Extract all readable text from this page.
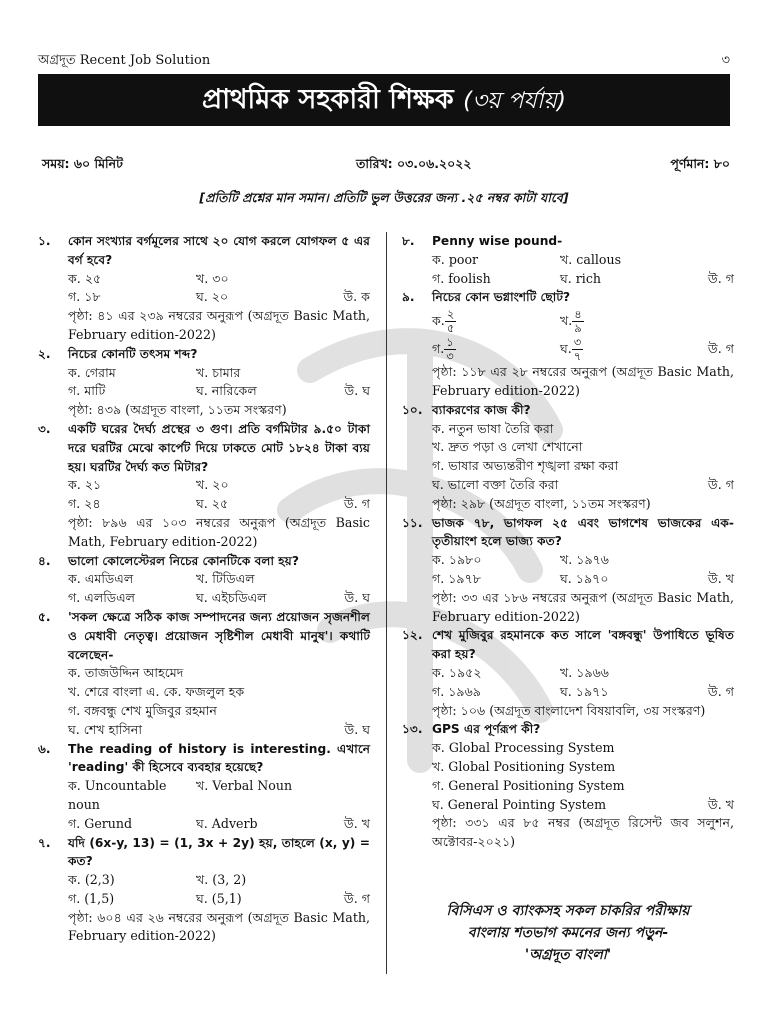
অগ্রদূত Recent Job Solution	৩
প্রাথমিক সহকারী শিক্ষক (৩য় পর্যায়)
সময়: ৬০ মিনিট	তারিখ: ০৩.০৬.২০২২	পূর্ণমান: ৮০
[প্রতিটি প্রশ্নের মান সমান। প্রতিটি ভুল উত্তরের জন্য .২৫ নম্বর কাটা যাবে]
১.	কোন সংখ্যার বর্গমূলের সাথে ২০ যোগ করলে যোগফল ৫ এর বর্গ হবে?
ক. ২৫	খ. ৩০
গ. ১৮	ঘ. ২০	উ. ক
পৃষ্ঠা: ৪১ এর ২৩৯ নম্বরের অনুরূপ (অগ্রদূত Basic Math, February edition-2022)
২.	নিচের কোনটি তৎসম শব্দ?
ক. গেরাম	খ. চামার
গ. মাটি	ঘ. নারিকেল	উ. ঘ
পৃষ্ঠা: ৪৩৯ (অগ্রদূত বাংলা, ১১তম সংস্করণ)
৩.	একটি ঘরের দৈর্ঘ্য প্রস্থের ৩ গুণ। প্রতি বর্গমিটার ৯.৫০ টাকা দরে ঘরটির মেঝে কার্পেট দিয়ে ঢাকতে মোট ১৮২৪ টাকা ব্যয় হয়। ঘরটির দৈর্ঘ্য কত মিটার?
ক. ২১	খ. ২০
গ. ২৪	ঘ. ২৫	উ. গ
পৃষ্ঠা: ৮৯৬ এর ১০৩ নম্বরের অনুরূপ (অগ্রদূত Basic Math, February edition-2022)
৪.	ভালো কোলেস্টেরল নিচের কোনটিকে বলা হয়?
ক. এমডিএল	খ. টিডিএল
গ. এলডিএল	ঘ. এইচডিএল	উ. ঘ
৫.	'সকল ক্ষেত্রে সঠিক কাজ সম্পাদনের জন্য প্রয়োজন সৃজনশীল ও মেধাবী নেতৃত্ব। প্রয়োজন সৃষ্টিশীল মেধাবী মানুষ'। কথাটি বলেছেন-
ক. তাজউদ্দিন আহমেদ
খ. শেরে বাংলা এ. কে. ফজলুল হক
গ. বঙ্গবন্ধু শেখ মুজিবুর রহমান
ঘ. শেখ হাসিনা	উ. ঘ
৬.	The reading of history is interesting. এখানে 'reading' কী হিসেবে ব্যবহার হয়েছে?
ক. Uncountable noun
খ. Verbal Noun
গ. Gerund	ঘ. Adverb	উ. খ
৭.	যদি (6x-y, 13) = (1, 3x + 2y) হয়, তাহলে (x, y) = কত?
ক. (2,3)	খ. (3, 2)
গ. (1,5)	ঘ. (5,1)	উ. গ
পৃষ্ঠা: ৬০৪ এর ২৬ নম্বরের অনুরূপ (অগ্রদূত Basic Math, February edition-2022)
৮.	Penny wise pound-
ক. poor	খ. callous
গ. foolish	ঘ. rich	উ. গ
৯.	নিচের কোন ভগ্নাংশটি ছোট?
ক. $\frac{২}{৫}$	খ. $\frac{৪}{৯}$
গ. $\frac{১}{৩}$	ঘ. $\frac{৩}{৭}$	উ. গ
পৃষ্ঠা: ১১৮ এর ২৮ নম্বরের অনুরূপ (অগ্রদূত Basic Math, February edition-2022)
১০. ব্যাকরণের কাজ কী?
ক. নতুন ভাষা তৈরি করা
খ. দ্রুত পড়া ও লেখা শেখানো
গ. ভাষার অভ্যন্তরীণ শৃঙ্খলা রক্ষা করা
ঘ. ভালো বক্তা তৈরি করা	উ. গ
পৃষ্ঠা: ২৯৮ (অগ্রদূত বাংলা, ১১তম সংস্করণ)
১১. ভাজক ৭৮, ভাগফল ২৫ এবং ভাগশেষ ভাজকের এক-তৃতীয়াংশ হলে ভাজ্য কত?
ক. ১৯৮০	খ. ১৯৭৬
গ. ১৯৭৮	ঘ. ১৯৭০	উ. খ
পৃষ্ঠা: ৩৩ এর ১৮৬ নম্বরের অনুরূপ (অগ্রদূত Basic Math, February edition-2022)
১২. শেখ মুজিবুর রহমানকে কত সালে 'বঙ্গবন্ধু' উপাধিতে ভূষিত করা হয়?
ক. ১৯৫২	খ. ১৯৬৬
গ. ১৯৬৯	ঘ. ১৯৭১	উ. গ
পৃষ্ঠা: ১০৬ (অগ্রদূত বাংলাদেশ বিষয়াবলি, ৩য় সংস্করণ)
১৩. GPS এর পূর্ণরূপ কী?
ক. Global Processing System
খ. Global Positioning System
গ. General Positioning System
ঘ. General Pointing System	উ. খ
পৃষ্ঠা: ৩৩১ এর ৮৫ নম্বর (অগ্রদূত রিসেন্ট জব সলুশন, অক্টোবর-২০২১)
বিসিএস ও ব্যাংকসহ সকল চাকরির পরীক্ষায়
বাংলায় শতভাগ কমনের জন্য পড়ুন-
'অগ্রদূত বাংলা'
